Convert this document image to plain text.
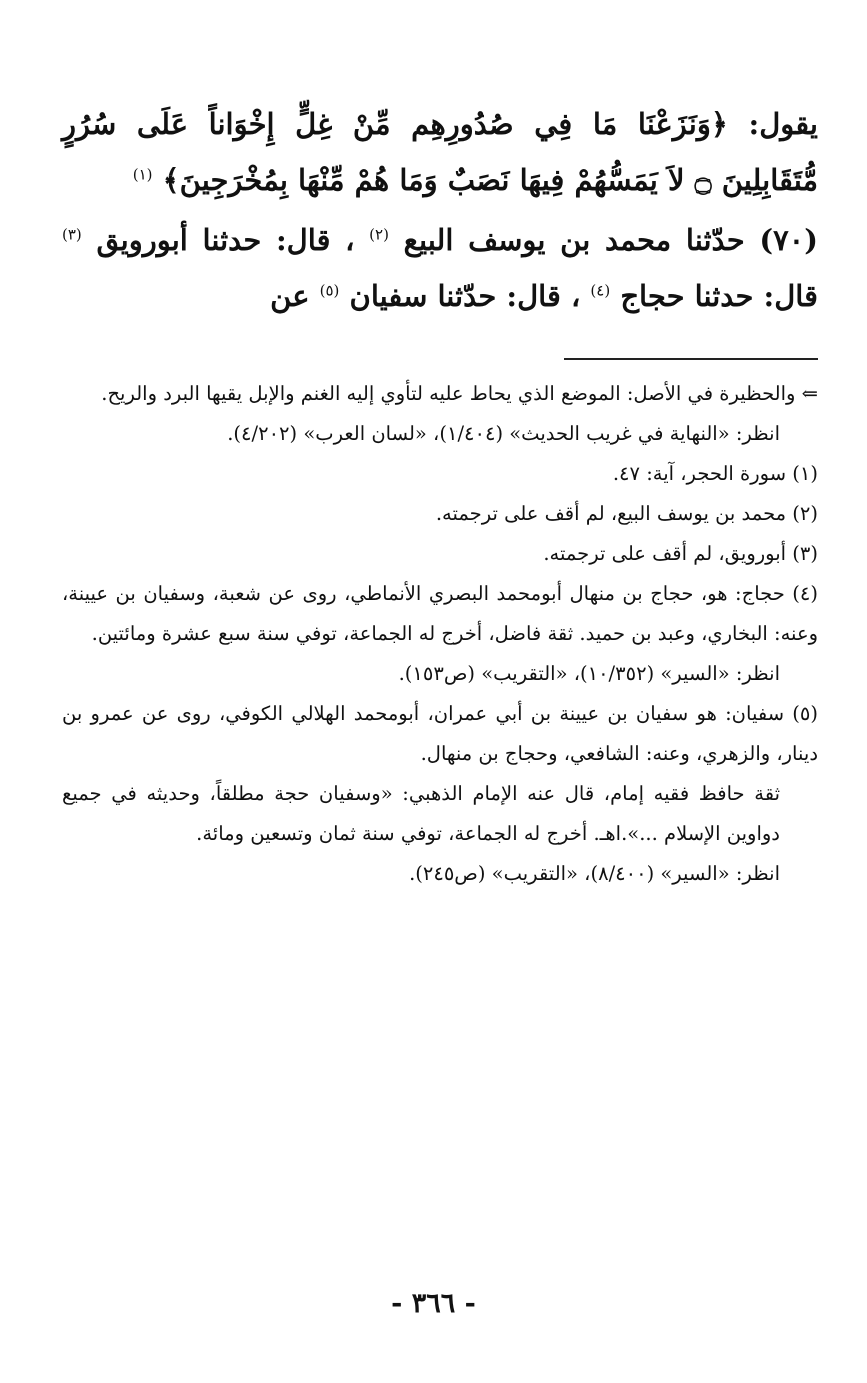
يقول: ﴿وَنَزَعْنَا مَا فِي صُدُورِهِم مِّنْ غِلٍّ إِخْوَاناً عَلَى سُرُرٍ مُّتَقَابِلِينَ ۝ لاَ يَمَسُّهُمْ فِيهَا نَصَبٌ وَمَا هُمْ مِّنْهَا بِمُخْرَجِينَ﴾ $^{(١)}$

(٧٠) حدّثنا محمد بن يوسف البيع $^{(٢)}$ ، قال: حدثنا أبورويق $^{(٣)}$ قال: حدثنا حجاج $^{(٤)}$ ، قال: حدّثنا سفيان $^{(٥)}$ عن

⇐ والحظيرة في الأصل: الموضع الذي يحاط عليه لتأوي إليه الغنم والإبل يقيها البرد والريح.

انظر: «النهاية في غريب الحديث» (١/٤٠٤)، «لسان العرب» (٤/٢٠٢).

(١) سورة الحجر، آية: ٤٧.

(٢) محمد بن يوسف البيع، لم أقف على ترجمته.

(٣) أبورويق، لم أقف على ترجمته.

(٤) حجاج: هو، حجاج بن منهال أبومحمد البصري الأنماطي، روى عن شعبة، وسفيان بن عيينة، وعنه: البخاري، وعبد بن حميد. ثقة فاضل، أخرج له الجماعة، توفي سنة سبع عشرة ومائتين.

انظر: «السير» (١٠/٣٥٢)، «التقريب» (ص١٥٣).

(٥) سفيان: هو سفيان بن عيينة بن أبي عمران، أبومحمد الهلالي الكوفي، روى عن عمرو بن دينار، والزهري، وعنه: الشافعي، وحجاج بن منهال.

ثقة حافظ فقيه إمام، قال عنه الإمام الذهبي: «وسفيان حجة مطلقاً، وحديثه في جميع دواوين الإسلام ...».اهـ. أخرج له الجماعة، توفي سنة ثمان وتسعين ومائة.

انظر: «السير» (٨/٤٠٠)، «التقريب» (ص٢٤٥).

- ٣٦٦ -
